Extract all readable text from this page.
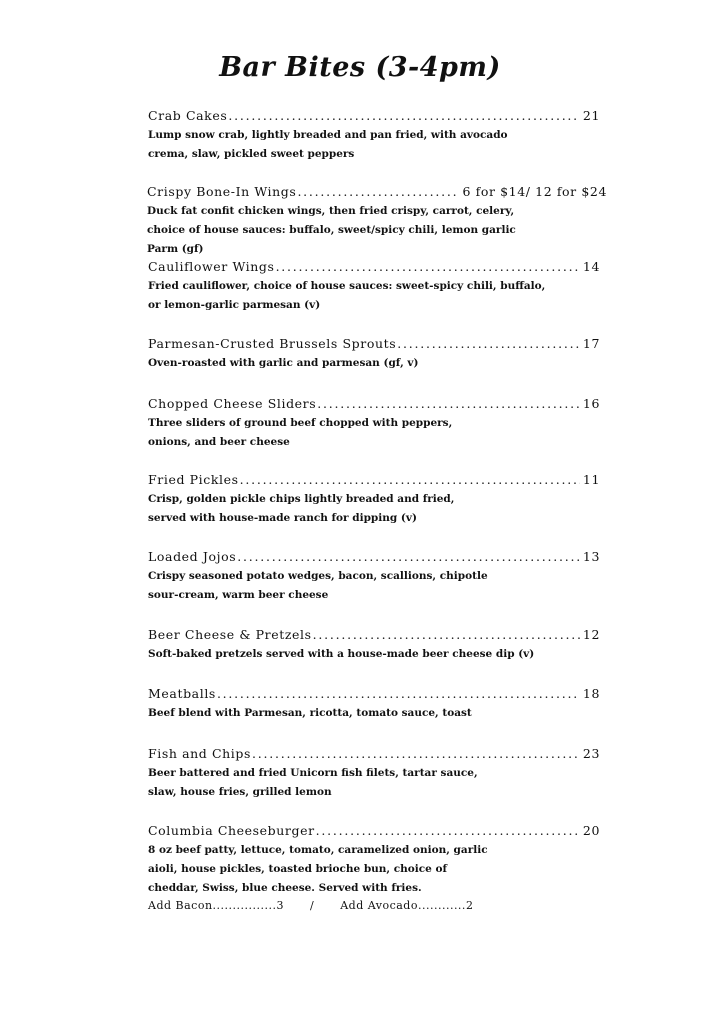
Bar Bites (3-4pm)
Crab Cakes . . .	21
Lump snow crab, lightly breaded and pan fried, with avocado crema, slaw, pickled sweet peppers
Crispy Bone-In Wings . . .	6 for $14/ 12 for $24
Duck fat confit chicken wings, then fried crispy, carrot, celery, choice of house sauces: buffalo, sweet/spicy chili, lemon garlic Parm (gf)
Cauliflower Wings . . .	14
Fried cauliflower, choice of house sauces: sweet-spicy chili, buffalo, or lemon-garlic parmesan (v)
Parmesan-Crusted Brussels Sprouts . . .	17
Oven-roasted with garlic and parmesan (gf, v)
Chopped Cheese Sliders . . .	16
Three sliders of ground beef chopped with peppers, onions, and beer cheese
Fried Pickles . . .	11
Crisp, golden pickle chips lightly breaded and fried, served with house-made ranch for dipping (v)
Loaded Jojos . . .	13
Crispy seasoned potato wedges, bacon, scallions, chipotle sour-cream, warm beer cheese
Beer Cheese & Pretzels . . .	12
Soft-baked pretzels served with a house-made beer cheese dip (v)
Meatballs . . .	18
Beef blend with Parmesan, ricotta, tomato sauce, toast
Fish and Chips . . .	23
Beer battered and fried Unicorn fish filets, tartar sauce, slaw, house fries, grilled lemon
Columbia Cheeseburger . . .	20
8 oz beef patty, lettuce, tomato, caramelized onion, garlic aioli, house pickles, toasted brioche bun, choice of cheddar, Swiss, blue cheese. Served with fries.
Add Bacon................3 / Add Avocado............2
